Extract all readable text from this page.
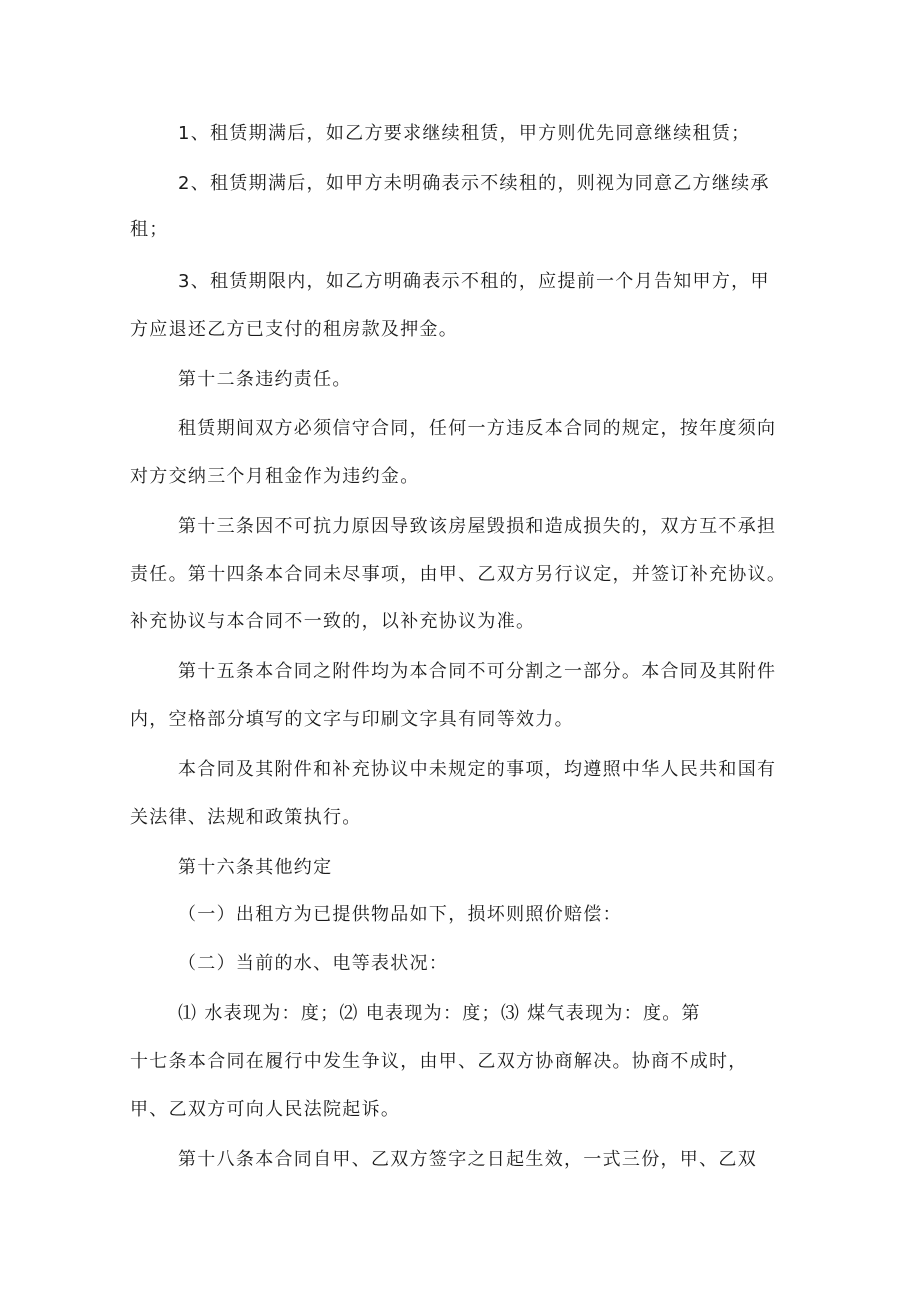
1、租赁期满后，如乙方要求继续租赁，甲方则优先同意继续租赁；

2、租赁期满后，如甲方未明确表示不续租的，则视为同意乙方继续承

租；

3、租赁期限内，如乙方明确表示不租的，应提前一个月告知甲方，甲

方应退还乙方已支付的租房款及押金。

第十二条违约责任。

租赁期间双方必须信守合同，任何一方违反本合同的规定，按年度须向

对方交纳三个月租金作为违约金。

第十三条因不可抗力原因导致该房屋毁损和造成损失的，双方互不承担

责任。第十四条本合同未尽事项，由甲、乙双方另行议定，并签订补充协议。

补充协议与本合同不一致的，以补充协议为准。

第十五条本合同之附件均为本合同不可分割之一部分。本合同及其附件

内，空格部分填写的文字与印刷文字具有同等效力。

本合同及其附件和补充协议中未规定的事项，均遵照中华人民共和国有

关法律、法规和政策执行。

第十六条其他约定

（一）出租方为已提供物品如下，损坏则照价赔偿：

（二）当前的水、电等表状况：

⑴ 水表现为：度；⑵ 电表现为：度；⑶ 煤气表现为：度。第

十七条本合同在履行中发生争议，由甲、乙双方协商解决。协商不成时，

甲、乙双方可向人民法院起诉。

第十八条本合同自甲、乙双方签字之日起生效，一式三份，甲、乙双
